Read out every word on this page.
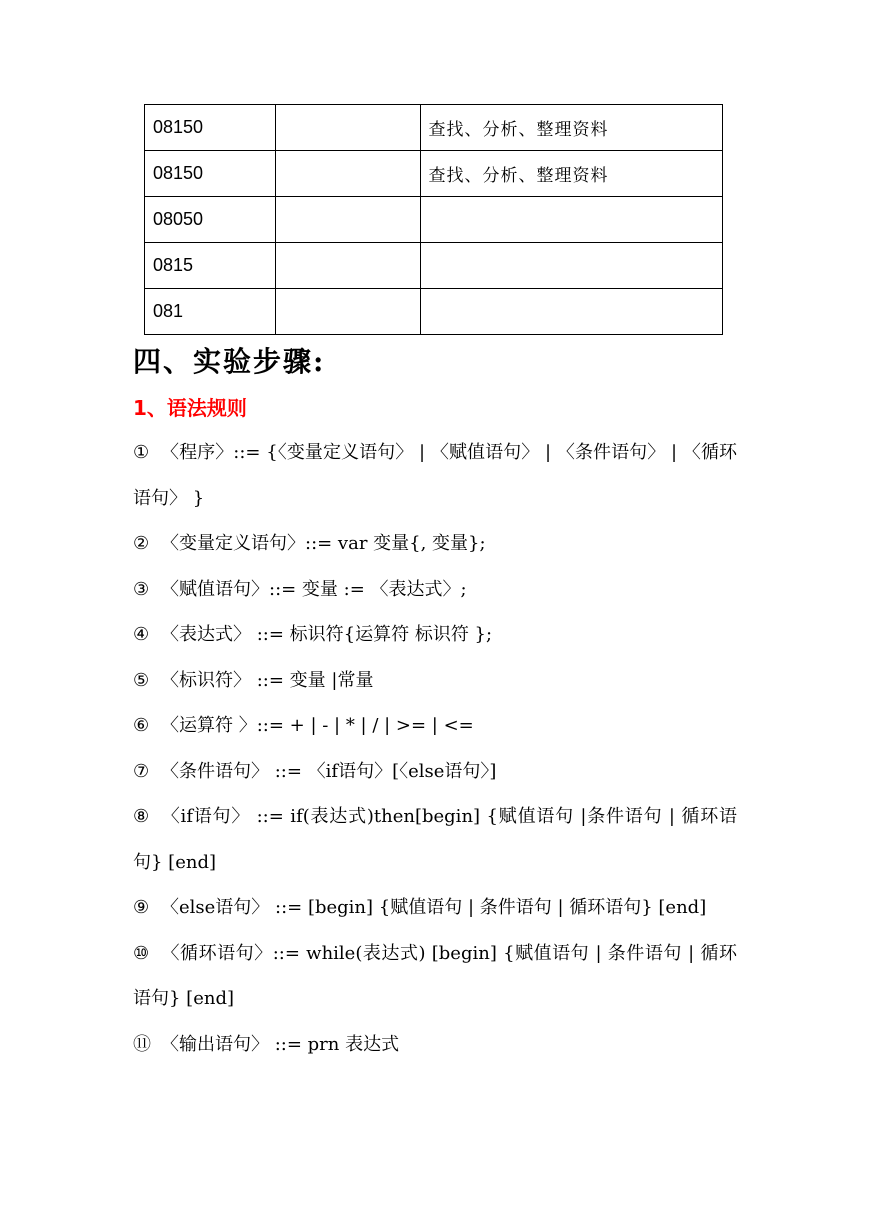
08150		查找、分析、整理资料
08150		查找、分析、整理资料
08050		
0815		
081		
四、实验步骤:
1、语法规则
① 〈程序〉::= {〈变量定义语句〉 | 〈赋值语句〉 | 〈条件语句〉 | 〈循环语句〉 }
② 〈变量定义语句〉::= var 变量{, 变量};
③ 〈赋值语句〉::= 变量 := 〈表达式〉;
④ 〈表达式〉 ::= 标识符{运算符 标识符 };
⑤ 〈标识符〉 ::= 变量 |常量
⑥ 〈运算符 〉::= + | - | * | / | >= | <=
⑦ 〈条件语句〉 ::= 〈if语句〉[〈else语句〉]
⑧ 〈if语句〉 ::= if(表达式)then[begin] {赋值语句 |条件语句 | 循环语句} [end]
⑨ 〈else语句〉 ::= [begin] {赋值语句 | 条件语句 | 循环语句} [end]
⑩ 〈循环语句〉::= while(表达式) [begin] {赋值语句 | 条件语句 | 循环语句} [end]
⑪ 〈输出语句〉 ::= prn 表达式
